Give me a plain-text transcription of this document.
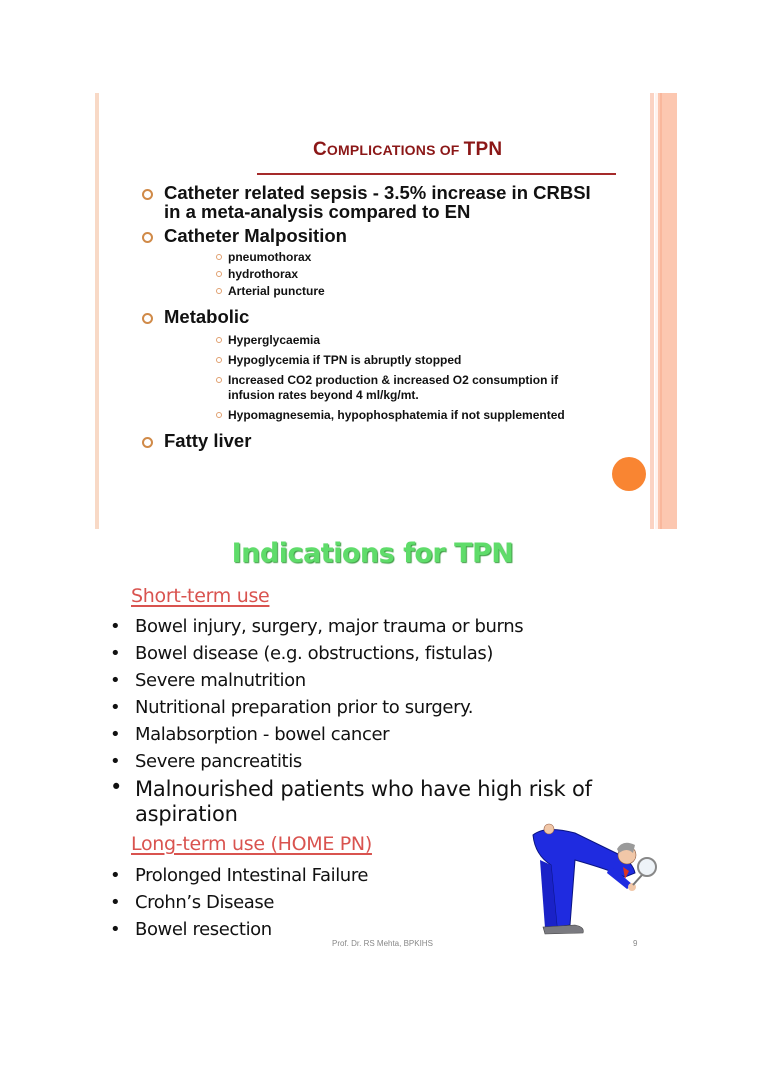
COMPLICATIONS OF TPN
Catheter related sepsis - 3.5% increase in CRBSI
in a meta-analysis compared to EN
Catheter Malposition
pneumothorax
hydrothorax
Arterial puncture
Metabolic
Hyperglycaemia
Hypoglycemia if TPN is abruptly stopped
Increased CO2 production & increased O2 consumption if
infusion rates beyond 4 ml/kg/mt.
Hypomagnesemia, hypophosphatemia if not supplemented
Fatty liver
Indications for TPN
Short-term use
• Bowel injury, surgery, major trauma or burns
• Bowel disease (e.g. obstructions, fistulas)
• Severe malnutrition
• Nutritional preparation prior to surgery.
• Malabsorption - bowel cancer
• Severe pancreatitis
• Malnourished patients who have high risk of aspiration
Long-term use (HOME PN)
• Prolonged Intestinal Failure
• Crohn’s Disease
• Bowel resection
Prof. Dr. RS Mehta, BPKIHS	9
